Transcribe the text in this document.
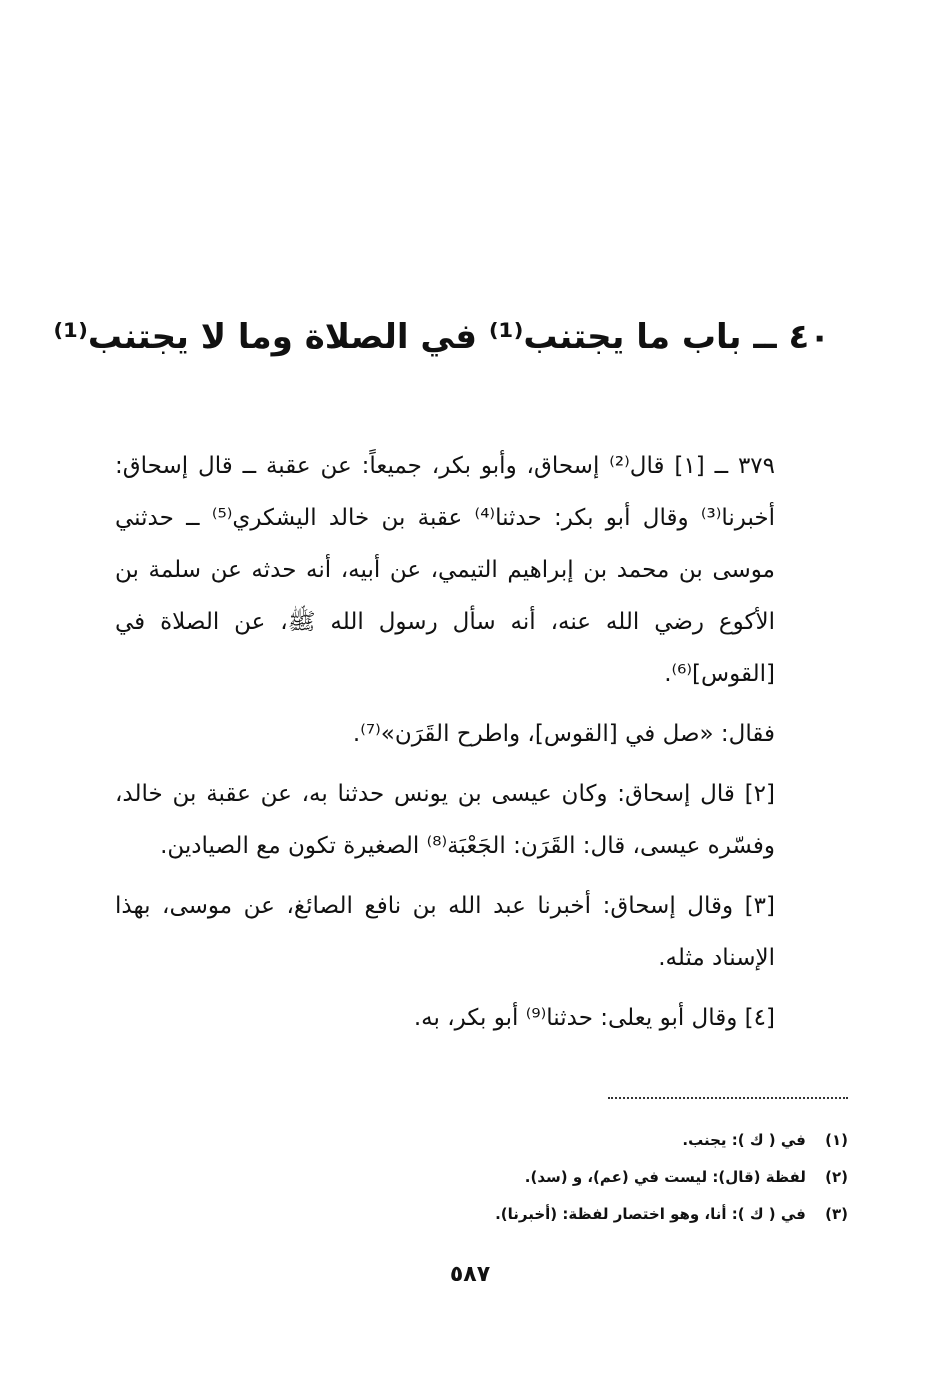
٤٠ ــ باب ما يجتنب⁽¹⁾ في الصلاة وما لا يجتنب⁽¹⁾

٣٧٩ ــ [١] قال⁽²⁾ إسحاق، وأبو بكر، جميعاً: عن عقبة ــ قال إسحاق: أخبرنا⁽³⁾ وقال أبو بكر: حدثنا⁽⁴⁾ عقبة بن خالد اليشكري⁽⁵⁾ ــ حدثني موسى بن محمد بن إبراهيم التيمي، عن أبيه، أنه حدثه عن سلمة بن الأكوع رضي الله عنه، أنه سأل رسول الله ﷺ، عن الصلاة في [القوس]⁽⁶⁾.

فقال: «صل في [القوس]، واطرح القَرَن»⁽⁷⁾.

[٢] قال إسحاق: وكان عيسى بن يونس حدثنا به، عن عقبة بن خالد، وفسّره عيسى، قال: القَرَن: الجَعْبَة⁽⁸⁾ الصغيرة تكون مع الصيادين.

[٣] وقال إسحاق: أخبرنا عبد الله بن نافع الصائغ، عن موسى، بهذا الإسناد مثله.

[٤] وقال أبو يعلى: حدثنا⁽⁹⁾ أبو بكر، به.

(١) في ( ك ): يجنب.
(٢) لفظة (قال): ليست في (عم)، و (سد).
(٣) في ( ك ): أنا، وهو اختصار لفظة: (أخبرنا).
٥٨٧
